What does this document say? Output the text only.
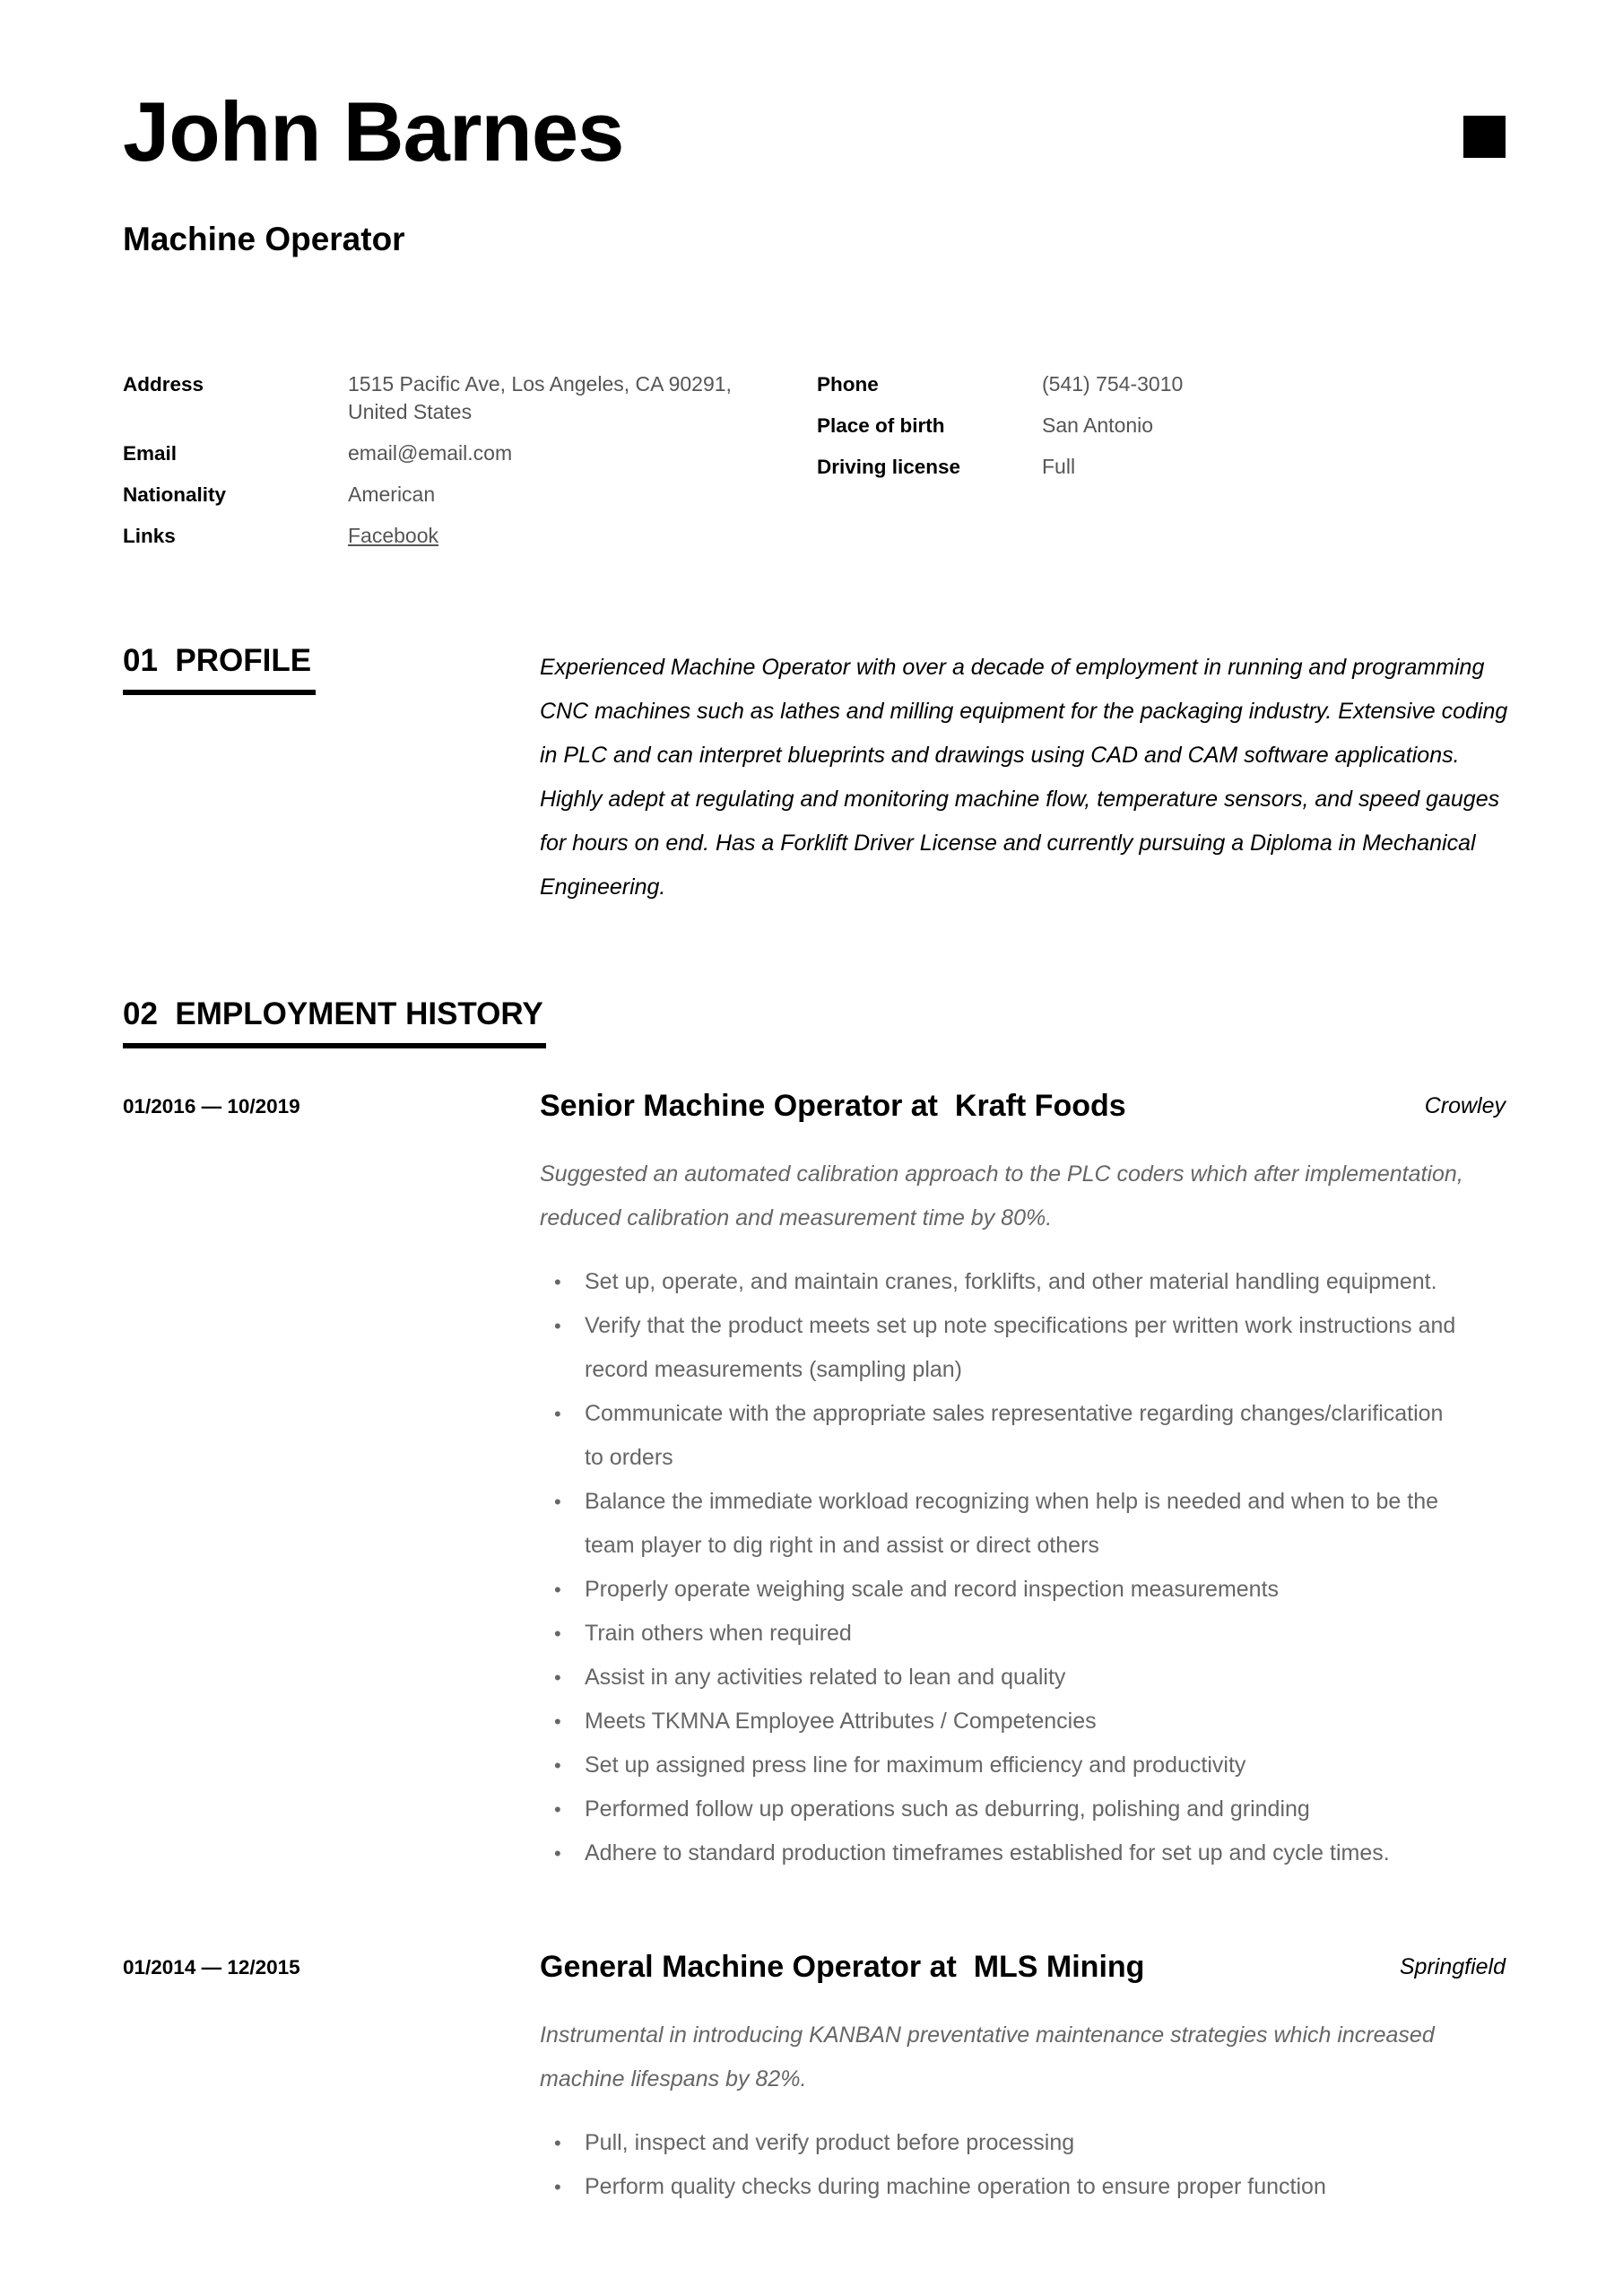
John Barnes
Machine Operator
Address	1515 Pacific Ave, Los Angeles, CA 90291,
United States
Email	email@email.com
Nationality	American
Links	Facebook
Phone	(541) 754-3010
Place of birth	San Antonio
Driving license	Full
01 PROFILE	Experienced Machine Operator with over a decade of employment in running and programming CNC machines such as lathes and milling equipment for the packaging industry. Extensive coding in PLC and can interpret blueprints and drawings using CAD and CAM software applications. Highly adept at regulating and monitoring machine flow, temperature sensors, and speed gauges for hours on end. Has a Forklift Driver License and currently pursuing a Diploma in Mechanical Engineering.
02 EMPLOYMENT HISTORY
01/2016 — 10/2019	Senior Machine Operator at  Kraft Foods	Crowley
Suggested an automated calibration approach to the PLC coders which after implementation, reduced calibration and measurement time by 80%.
• Set up, operate, and maintain cranes, forklifts, and other material handling equipment.
• Verify that the product meets set up note specifications per written work instructions and record measurements (sampling plan)
• Communicate with the appropriate sales representative regarding changes/clarification to orders
• Balance the immediate workload recognizing when help is needed and when to be the team player to dig right in and assist or direct others
• Properly operate weighing scale and record inspection measurements
• Train others when required
• Assist in any activities related to lean and quality
• Meets TKMNA Employee Attributes / Competencies
• Set up assigned press line for maximum efficiency and productivity
• Performed follow up operations such as deburring, polishing and grinding
• Adhere to standard production timeframes established for set up and cycle times.
01/2014 — 12/2015	General Machine Operator at  MLS Mining	Springfield
Instrumental in introducing KANBAN preventative maintenance strategies which increased machine lifespans by 82%.
• Pull, inspect and verify product before processing
• Perform quality checks during machine operation to ensure proper function
